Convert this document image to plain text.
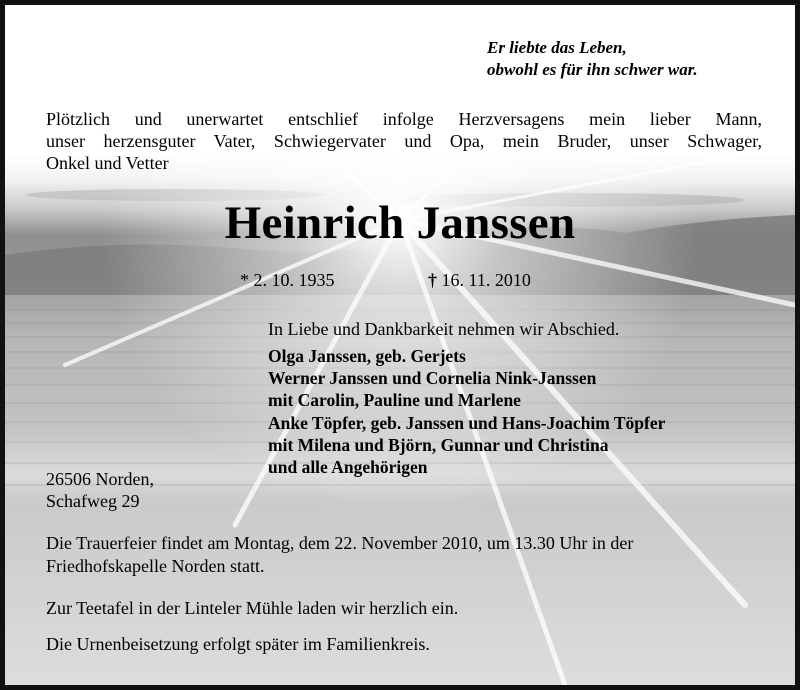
Er liebte das Leben,
obwohl es für ihn schwer war.
Plötzlich und unerwartet entschlief infolge Herzversagens mein lieber Mann,
unser herzensguter Vater, Schwiegervater und Opa, mein Bruder, unser Schwager,
Onkel und Vetter
Heinrich Janssen
* 2. 10. 1935	† 16. 11. 2010
In Liebe und Dankbarkeit nehmen wir Abschied.
Olga Janssen, geb. Gerjets
Werner Janssen und Cornelia Nink-Janssen
mit Carolin, Pauline und Marlene
Anke Töpfer, geb. Janssen und Hans-Joachim Töpfer
mit Milena und Björn, Gunnar und Christina
und alle Angehörigen
26506 Norden,
Schafweg 29
Die Trauerfeier findet am Montag, dem 22. November 2010, um 13.30 Uhr in der
Friedhofskapelle Norden statt.
Zur Teetafel in der Linteler Mühle laden wir herzlich ein.
Die Urnenbeisetzung erfolgt später im Familienkreis.
